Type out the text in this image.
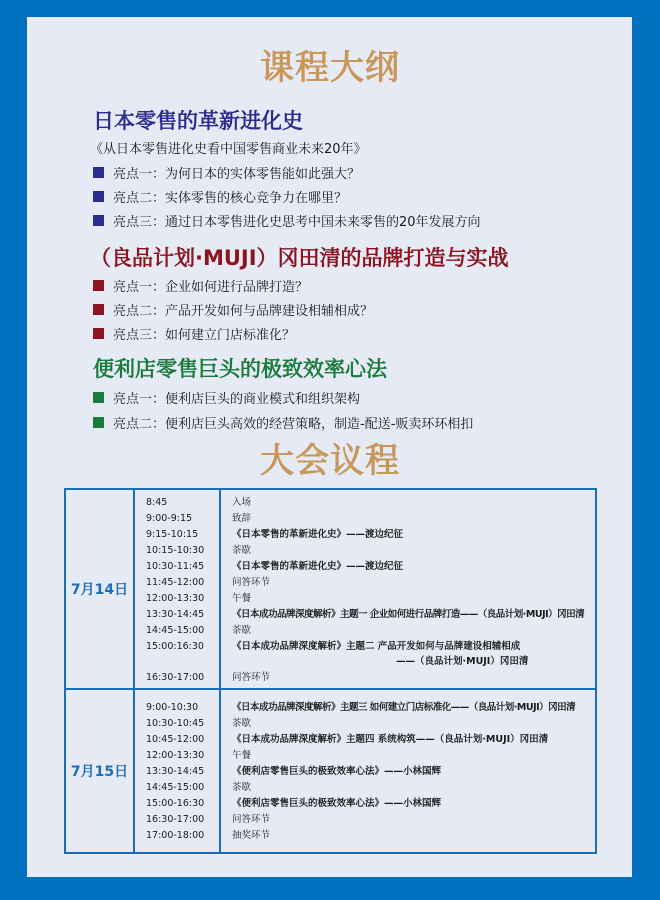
课程大纲
日本零售的革新进化史
《从日本零售进化史看中国零售商业未来20年》
亮点一：为何日本的实体零售能如此强大？
亮点二：实体零售的核心竞争力在哪里？
亮点三：通过日本零售进化史思考中国未来零售的20年发展方向
（良品计划·MUJI）冈田清的品牌打造与实战
亮点一：企业如何进行品牌打造？
亮点二：产品开发如何与品牌建设相辅相成？
亮点三：如何建立门店标准化？
便利店零售巨头的极致效率心法
亮点一：便利店巨头的商业模式和组织架构
亮点二：便利店巨头高效的经营策略，制造-配送-贩卖环环相扣
大会议程
7月14日
8:45
9:00-9:15
9:15-10:15
10:15-10:30
10:30-11:45
11:45-12:00
12:00-13:30
13:30-14:45
14:45-15:00
15:00:16:30
16:30-17:00
入场
致辞
《日本零售的革新进化史》——渡边纪征
茶歇
《日本零售的革新进化史》——渡边纪征
问答环节
午餐
《日本成功品牌深度解析》主题一 企业如何进行品牌打造——（良品计划·MUJI）冈田清
茶歇
《日本成功品牌深度解析》主题二 产品开发如何与品牌建设相辅相成
——（良品计划·MUJI）冈田清
问答环节
7月15日
9:00-10:30
10:30-10:45
10:45-12:00
12:00-13:30
13:30-14:45
14:45-15:00
15:00-16:30
16:30-17:00
17:00-18:00
《日本成功品牌深度解析》主题三 如何建立门店标准化——（良品计划·MUJI）冈田清
茶歇
《日本成功品牌深度解析》主题四 系统构筑——（良品计划·MUJI）冈田清
午餐
《便利店零售巨头的极致效率心法》——小林国辉
茶歇
《便利店零售巨头的极致效率心法》——小林国辉
问答环节
抽奖环节
